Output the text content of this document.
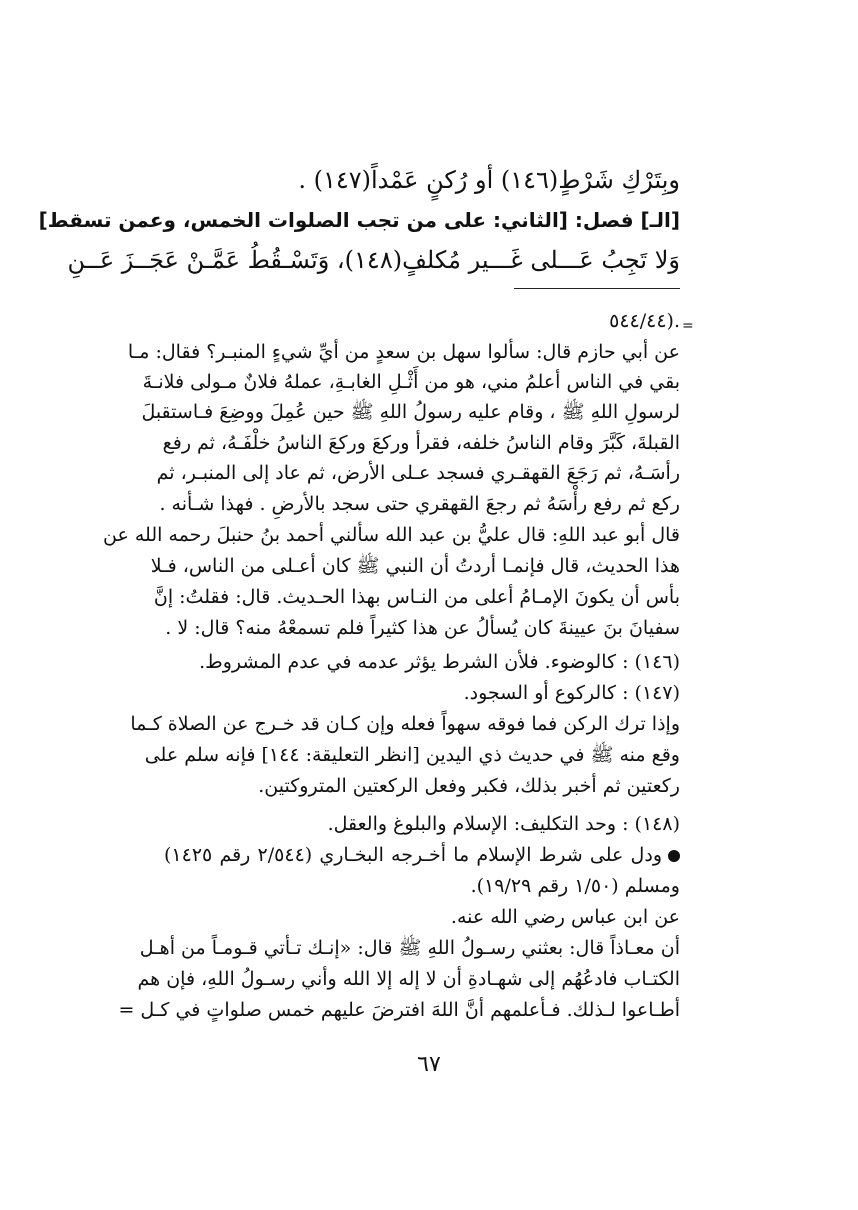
وبِتَرْكِ شَرْطٍ(١٤٦) أو رُكنٍ عَمْداً(١٤٧) .
[الـ] فصل: [الثاني: على من تجب الصلوات الخمس، وعمن تسقط]
وَلا تَجِبُ عَـــلى غَـــير مُكلفٍ(١٤٨)، وَتَسْـقُطُ عَمَّـنْ عَجَــزَ عَــنِ
=
.(٥٤٤/٤٤
عن أبي حازم قال: سألوا سهل بن سعدٍ من أيِّ شيءٍ المنبـر؟ فقال: مـا
بقي في الناس أعلمُ مني، هو من أَثْـلِ الغابـةِ، عملهُ فلانٌ مـولى فلانـةَ
لرسولِ اللهِ ﷺ ، وقام عليه رسولُ اللهِ ﷺ حين عُمِلَ ووضِعَ فـاستقبلَ
القبلةَ، كَبَّرَ وقام الناسُ خلفه، فقرأ وركعَ وركعَ الناسُ خلْفَـهُ، ثم رفع
رأسَـهُ، ثم رَجَعَ القهقـري فسجد عـلى الأرض، ثم عاد إلى المنبـر، ثم
ركع ثم رفع رأْسَهُ ثم رجعَ القهقري حتى سجد بالأرضِ . فهذا شـأنه .
قال أبو عبد اللهِ: قال عليُّ بن عبد الله سألني أحمد بنُ حنبلَ رحمه الله عن
هذا الحديث، قال فإنمـا أردتُ أن النبي ﷺ كان أعـلى من الناس، فـلا
بأس أن يكونَ الإمـامُ أعلى من النـاس بهذا الحـديث. قال: فقلتُ: إنَّ
سفيانَ بنَ عيينةَ كان يُسألُ عن هذا كثيراً فلم تسمعْهُ منه؟ قال: لا .
(١٤٦) : كالوضوء. فلأن الشرط يؤثر عدمه في عدم المشروط.
(١٤٧) : كالركوع أو السجود.
وإذا ترك الركن فما فوقه سهواً فعله وإن كـان قد خـرج عن الصلاة كـما
وقع منه ﷺ في حديث ذي اليدين [انظر التعليقة: ١٤٤] فإنه سلم على
ركعتين ثم أخبر بذلك، فكبر وفعل الركعتين المتروكتين.
(١٤٨) : وحد التكليف: الإسلام والبلوغ والعقل.
ودل على شرط الإسلام ما أخـرجه البخـاري (٢/٥٤٤ رقم ١٤٢٥)
ومسلم (١/٥٠ رقم ١٩/٢٩).
عن ابن عباس رضي الله عنه.
أن معـاذاً قال: بعثني رسـولُ اللهِ ﷺ قال: «إنـك تـأتي قـومـاً من أهـل
الكتـاب فادعُهُم إلى شهـادةِ أن لا إله إلا الله وأني رسـولُ اللهِ، فإن هم
أطـاعوا لـذلك. فـأعلمهم أنَّ اللهَ افترضَ عليهم خمس صلواتٍ في كـل =
٦٧
